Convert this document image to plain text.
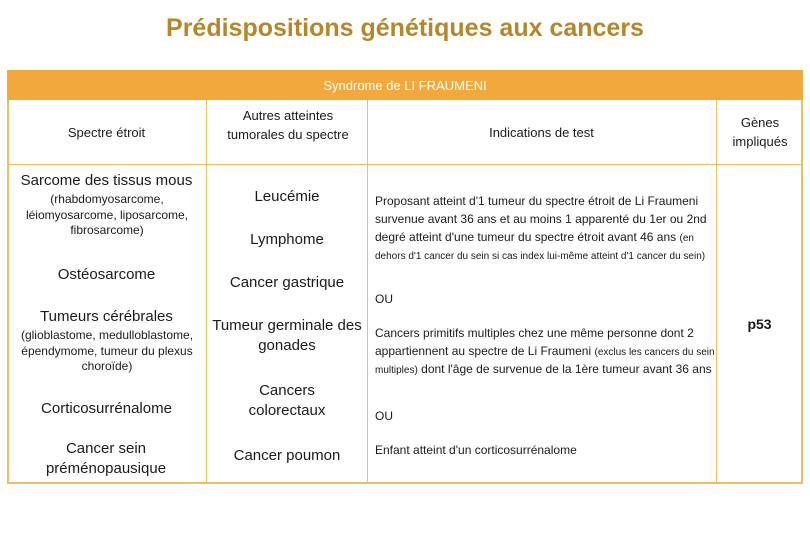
Prédispositions génétiques aux cancers
Syndrome de LI FRAUMENI
Spectre étroit
Autres atteintes tumorales du spectre	Indications de test
Gènes impliqués
Sarcome des tissus mous
(rhabdomyosarcome, léiomyosarcome, liposarcome, fibrosarcome)
Ostéosarcome
Tumeurs cérébrales
(glioblastome, medulloblastome, épendymome, tumeur du plexus choroïde)
Corticosurrénalome
Cancer sein préménopausique
Leucémie
Lymphome
Cancer gastrique
Tumeur germinale des gonades
Cancers colorectaux
Cancer poumon
Proposant atteint d'1 tumeur du spectre étroit de Li Fraumeni survenue avant 36 ans et au moins 1 apparenté du 1er ou 2nd degré atteint d'une tumeur du spectre étroit avant 46 ans (en dehors d'1 cancer du sein si cas index lui-même atteint d'1 cancer du sein)
OU
Cancers primitifs multiples chez une même personne dont 2 appartiennent au spectre de Li Fraumeni (exclus les cancers du sein multiples) dont l'âge de survenue de la 1ère tumeur avant 36 ans
OU
Enfant atteint d'un corticosurrénalome
p53
